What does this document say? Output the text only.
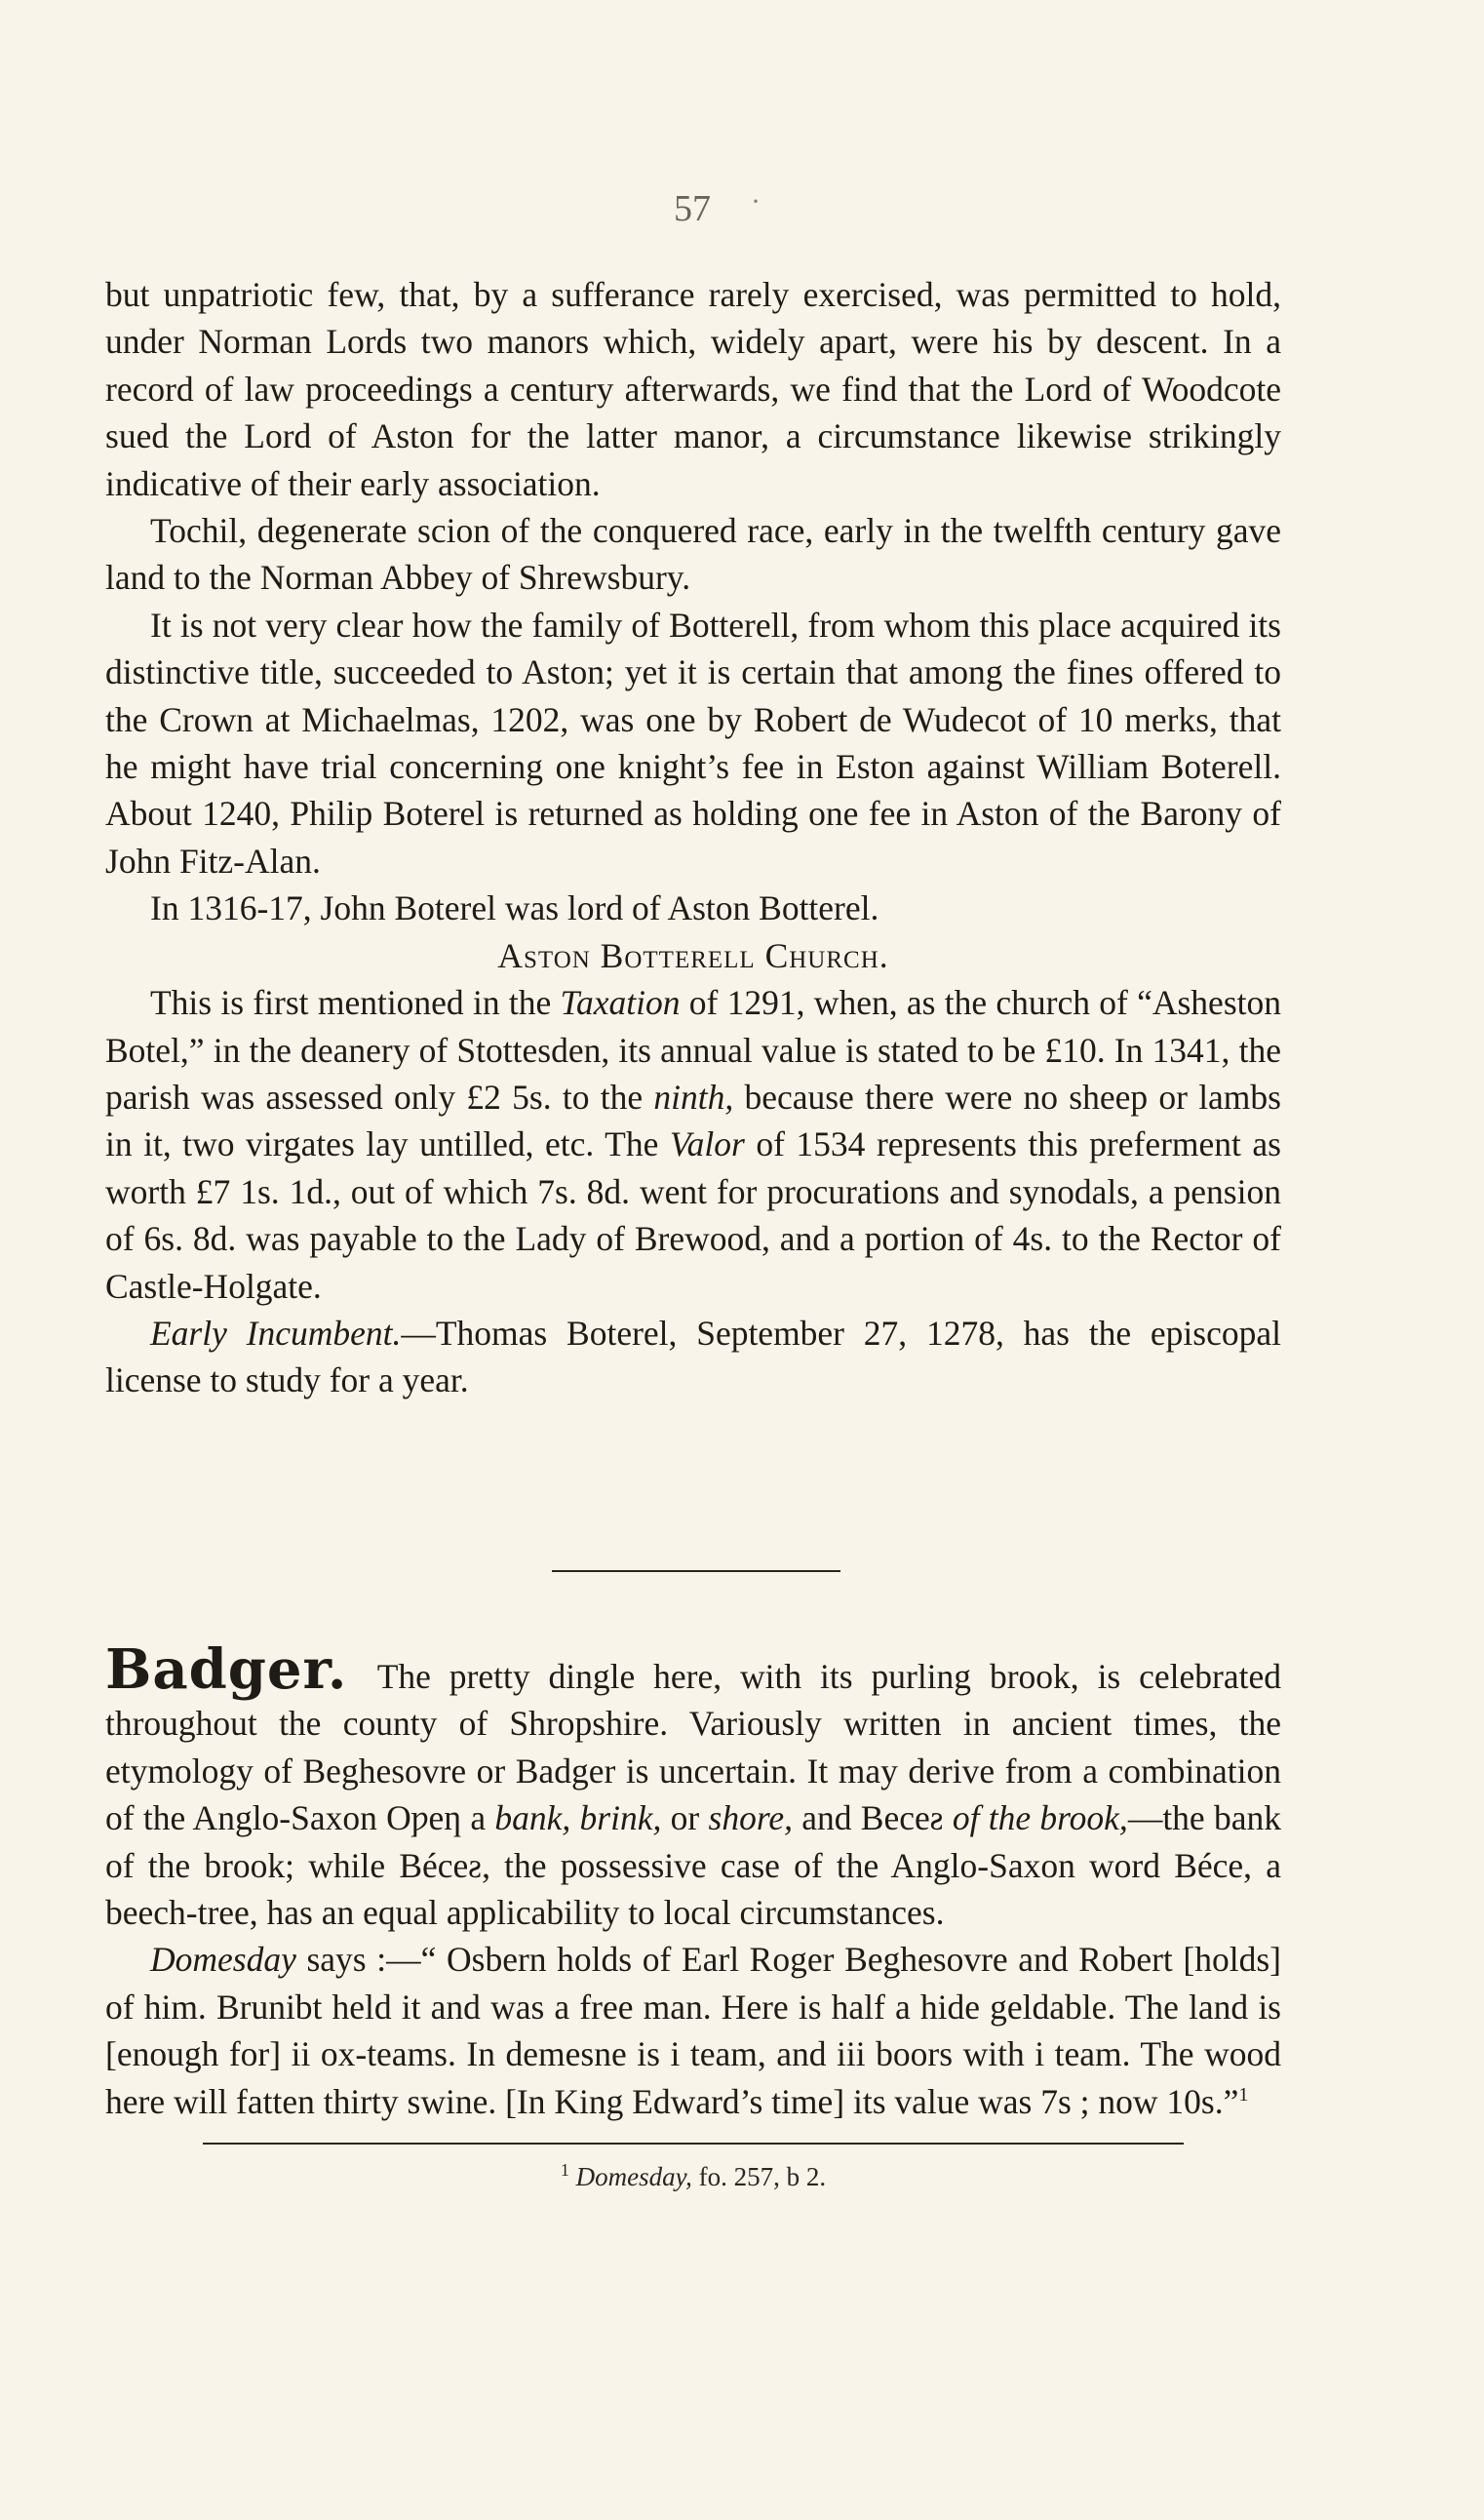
57 ·

but unpatriotic few, that, by a sufferance rarely exercised, was permitted to hold, under Norman Lords two manors which, widely apart, were his by descent. In a record of law proceedings a century afterwards, we find that the Lord of Woodcote sued the Lord of Aston for the latter manor, a circumstance likewise strikingly indicative of their early association.

Tochil, degenerate scion of the conquered race, early in the twelfth century gave land to the Norman Abbey of Shrewsbury.

It is not very clear how the family of Botterell, from whom this place acquired its distinctive title, succeeded to Aston; yet it is certain that among the fines offered to the Crown at Michaelmas, 1202, was one by Robert de Wudecot of 10 merks, that he might have trial concerning one knight’s fee in Eston against William Boterell. About 1240, Philip Boterel is returned as holding one fee in Aston of the Barony of John Fitz-Alan.

In 1316-17, John Boterel was lord of Aston Botterel.

Aston Botterell Church.

This is first mentioned in the Taxation of 1291, when, as the church of “Asheston Botel,” in the deanery of Stottesden, its annual value is stated to be £10. In 1341, the parish was assessed only £2 5s. to the ninth, because there were no sheep or lambs in it, two virgates lay untilled, etc. The Valor of 1534 represents this preferment as worth £7 1s. 1d., out of which 7s. 8d. went for procurations and synodals, a pension of 6s. 8d. was payable to the Lady of Brewood, and a portion of 4s. to the Rector of Castle-Holgate.

Early Incumbent.—Thomas Boterel, September 27, 1278, has the episcopal license to study for a year.

Badger. The pretty dingle here, with its purling brook, is celebrated throughout the county of Shropshire. Variously written in ancient times, the etymology of Beghesovre or Badger is uncertain. It may derive from a combination of the Anglo-Saxon Oƿeƞ a bank, brink, or shore, and Beceƨ of the brook,—the bank of the brook; while Béceƨ, the possessive case of the Anglo-Saxon word Béce, a beech-tree, has an equal applicability to local circumstances.

Domesday says :—“ Osbern holds of Earl Roger Beghesovre and Robert [holds] of him. Brunibt held it and was a free man. Here is half a hide geldable. The land is [enough for] ii ox-teams. In demesne is i team, and iii boors with i team. The wood here will fatten thirty swine. [In King Edward’s time] its value was 7s ; now 10s.”$^1$

$^1$ Domesday, fo. 257, b 2.
